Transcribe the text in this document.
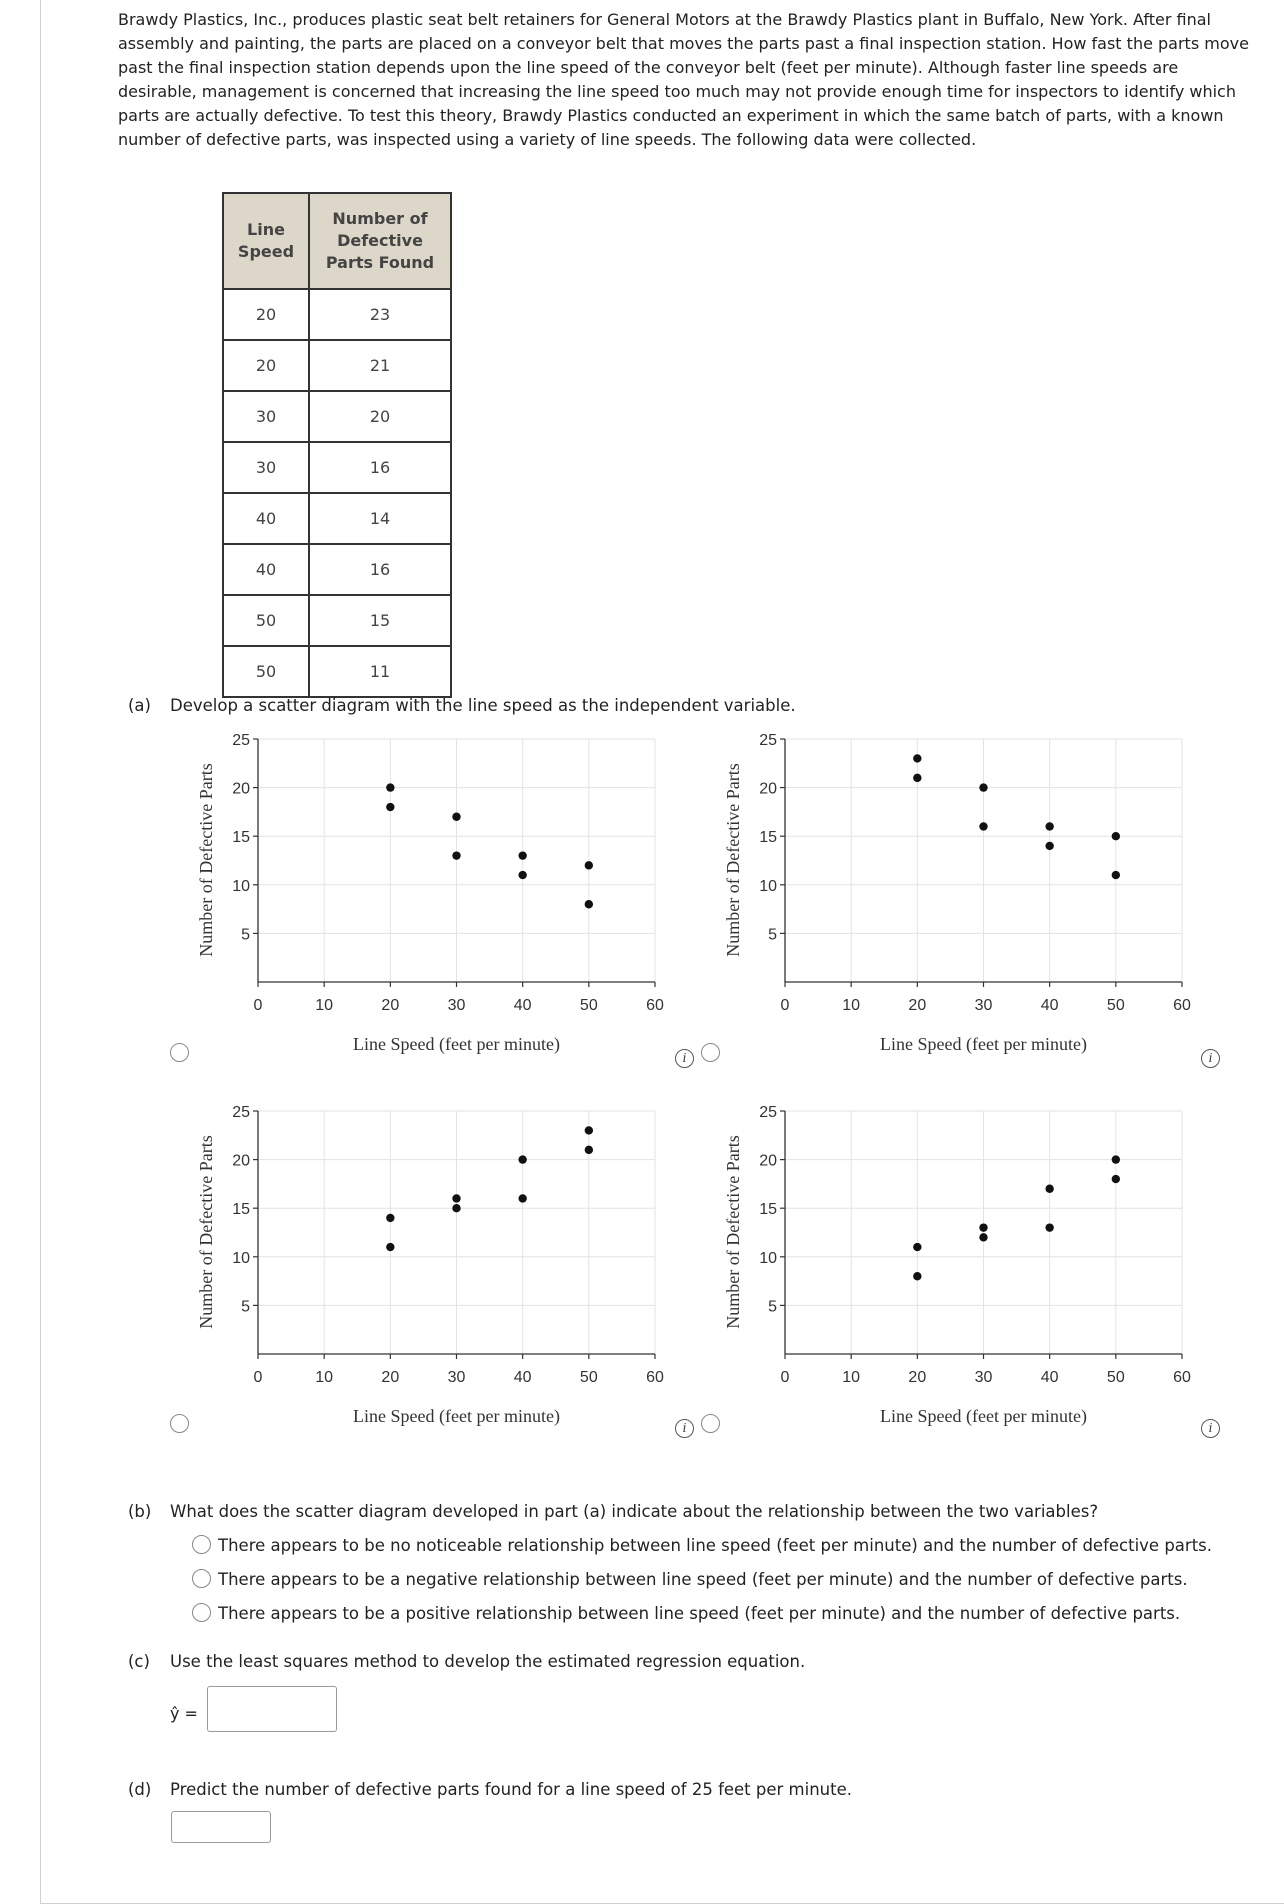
Brawdy Plastics, Inc., produces plastic seat belt retainers for General Motors at the Brawdy Plastics plant in Buffalo, New York. After final assembly and painting, the parts are placed on a conveyor belt that moves the parts past a final inspection station. How fast the parts move past the final inspection station depends upon the line speed of the conveyor belt (feet per minute). Although faster line speeds are desirable, management is concerned that increasing the line speed too much may not provide enough time for inspectors to identify which parts are actually defective. To test this theory, Brawdy Plastics conducted an experiment in which the same batch of parts, with a known number of defective parts, was inspected using a variety of line speeds. The following data were collected.

Line Speed	Number of Defective Parts Found

20	23
20	21
30	20
30	16
40	14
40	16
50	15
50	11
(a) Develop a scatter diagram with the line speed as the independent variable.
5
10
15
20
25
0	10	20	30	40	50	60
Line Speed (feet per minute)
Number of Defective Parts	5
10
15
20
25
0	10	20	30	40	50	60
Line Speed (feet per minute)
Number of Defective Parts
5
10
15
20
25
0	10	20	30	40	50	60
Line Speed (feet per minute)
Number of Defective Parts	5
10
15
20
25
0	10	20	30	40	50	60
Line Speed (feet per minute)
Number of Defective Parts
i	i
i	i
(b) What does the scatter diagram developed in part (a) indicate about the relationship between the two variables?
There appears to be no noticeable relationship between line speed (feet per minute) and the number of defective parts.
There appears to be a negative relationship between line speed (feet per minute) and the number of defective parts.
There appears to be a positive relationship between line speed (feet per minute) and the number of defective parts.
(c) Use the least squares method to develop the estimated regression equation.
ŷ =
(d) Predict the number of defective parts found for a line speed of 25 feet per minute.
